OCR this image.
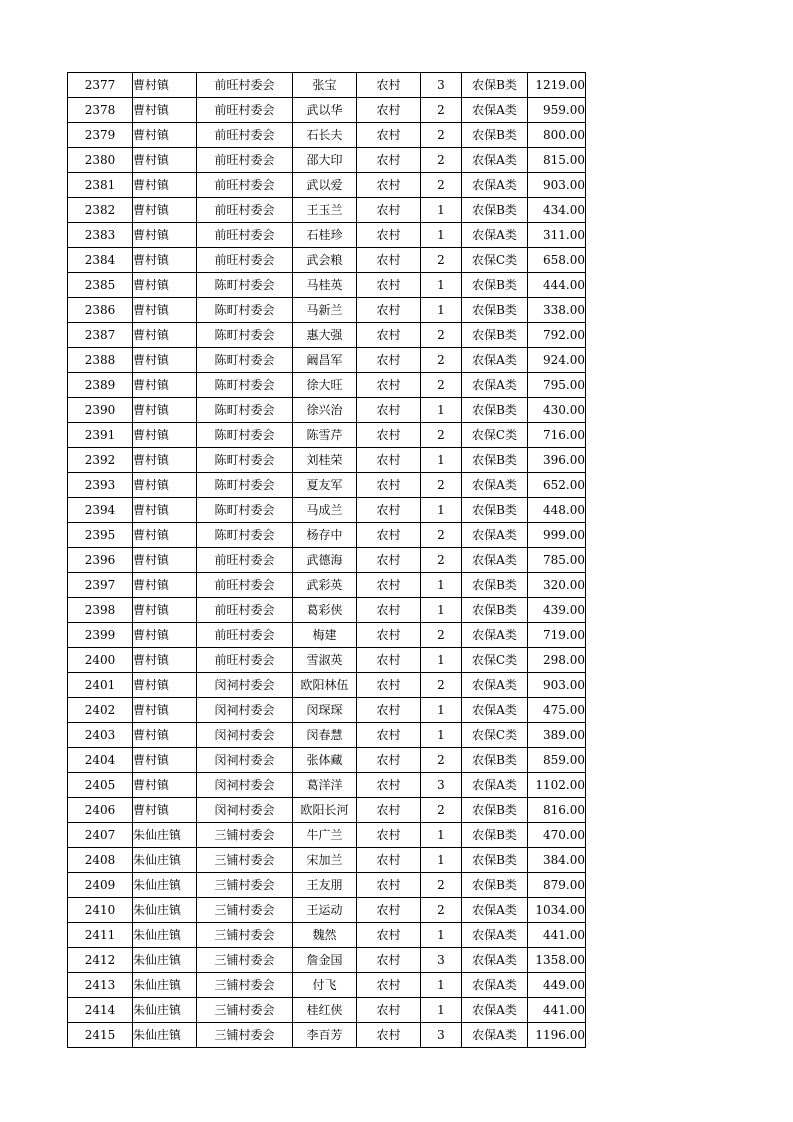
2377	曹村镇	前旺村委会	张宝	农村	3	农保B类	1219.00
2378	曹村镇	前旺村委会	武以华	农村	2	农保A类	959.00
2379	曹村镇	前旺村委会	石长夫	农村	2	农保B类	800.00
2380	曹村镇	前旺村委会	邵大印	农村	2	农保A类	815.00
2381	曹村镇	前旺村委会	武以爱	农村	2	农保A类	903.00
2382	曹村镇	前旺村委会	王玉兰	农村	1	农保B类	434.00
2383	曹村镇	前旺村委会	石桂珍	农村	1	农保A类	311.00
2384	曹村镇	前旺村委会	武会粮	农村	2	农保C类	658.00
2385	曹村镇	陈町村委会	马桂英	农村	1	农保B类	444.00
2386	曹村镇	陈町村委会	马新兰	农村	1	农保B类	338.00
2387	曹村镇	陈町村委会	惠大强	农村	2	农保B类	792.00
2388	曹村镇	陈町村委会	阚昌军	农村	2	农保A类	924.00
2389	曹村镇	陈町村委会	徐大旺	农村	2	农保A类	795.00
2390	曹村镇	陈町村委会	徐兴治	农村	1	农保B类	430.00
2391	曹村镇	陈町村委会	陈雪芹	农村	2	农保C类	716.00
2392	曹村镇	陈町村委会	刘桂荣	农村	1	农保B类	396.00
2393	曹村镇	陈町村委会	夏友军	农村	2	农保A类	652.00
2394	曹村镇	陈町村委会	马成兰	农村	1	农保B类	448.00
2395	曹村镇	陈町村委会	杨存中	农村	2	农保A类	999.00
2396	曹村镇	前旺村委会	武德海	农村	2	农保A类	785.00
2397	曹村镇	前旺村委会	武彩英	农村	1	农保B类	320.00
2398	曹村镇	前旺村委会	葛彩侠	农村	1	农保B类	439.00
2399	曹村镇	前旺村委会	梅建	农村	2	农保A类	719.00
2400	曹村镇	前旺村委会	雪淑英	农村	1	农保C类	298.00
2401	曹村镇	闵祠村委会	欧阳林伍	农村	2	农保A类	903.00
2402	曹村镇	闵祠村委会	闵琛琛	农村	1	农保A类	475.00
2403	曹村镇	闵祠村委会	闵春慧	农村	1	农保C类	389.00
2404	曹村镇	闵祠村委会	张体藏	农村	2	农保B类	859.00
2405	曹村镇	闵祠村委会	葛洋洋	农村	3	农保A类	1102.00
2406	曹村镇	闵祠村委会	欧阳长河	农村	2	农保B类	816.00
2407	朱仙庄镇	三铺村委会	牛广兰	农村	1	农保B类	470.00
2408	朱仙庄镇	三铺村委会	宋加兰	农村	1	农保B类	384.00
2409	朱仙庄镇	三铺村委会	王友朋	农村	2	农保B类	879.00
2410	朱仙庄镇	三铺村委会	王运动	农村	2	农保A类	1034.00
2411	朱仙庄镇	三铺村委会	魏然	农村	1	农保A类	441.00
2412	朱仙庄镇	三铺村委会	詹金国	农村	3	农保A类	1358.00
2413	朱仙庄镇	三铺村委会	付飞	农村	1	农保A类	449.00
2414	朱仙庄镇	三铺村委会	桂红侠	农村	1	农保A类	441.00
2415	朱仙庄镇	三铺村委会	李百芳	农村	3	农保A类	1196.00
